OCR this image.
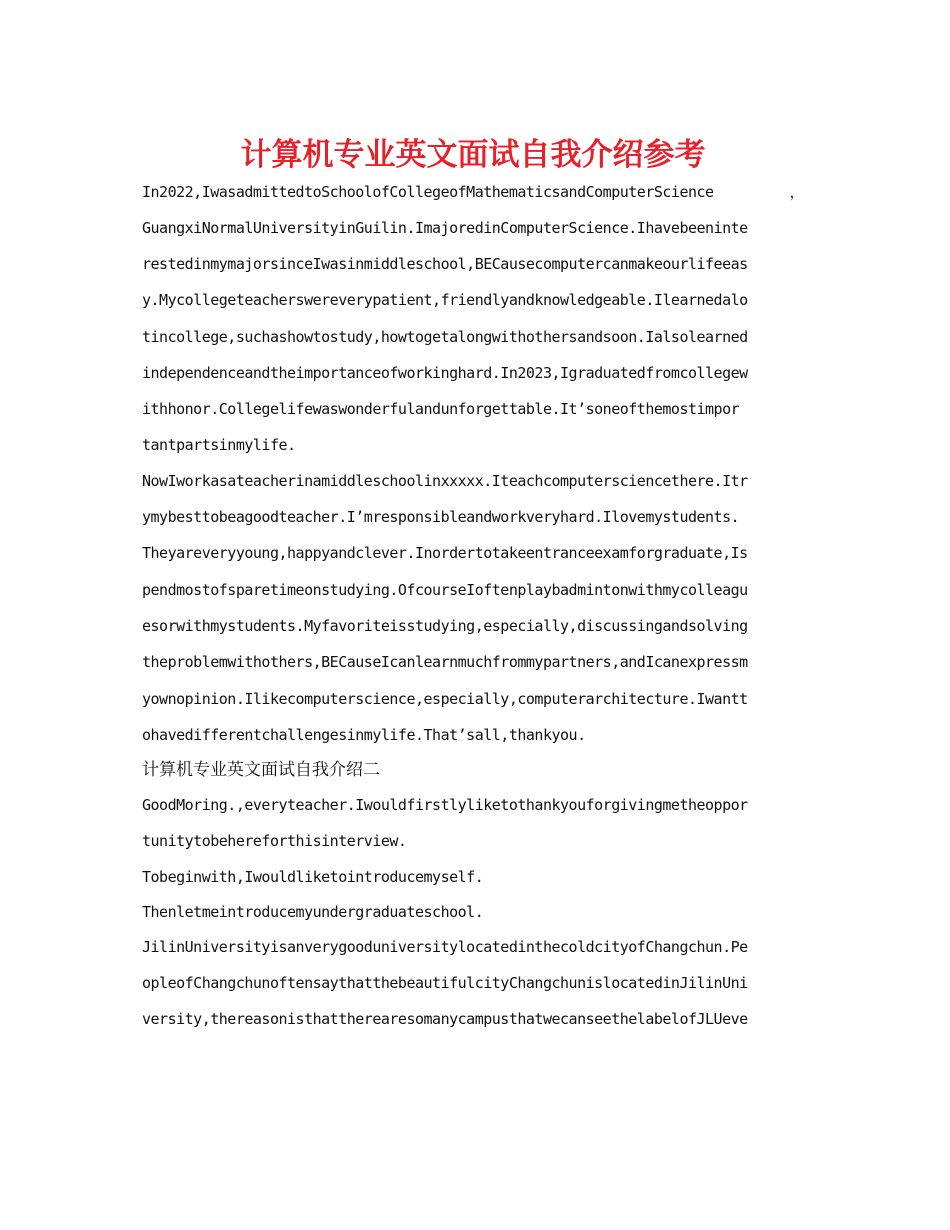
计算机专业英文面试自我介绍参考
In2022,IwasadmittedtoSchoolofCollegeofMathematicsandComputerScience，
GuangxiNormalUniversityinGuilin.ImajoredinComputerScience.Ihavebeeninte
restedinmymajorsinceIwasinmiddleschool,BECausecomputercanmakeourlifeeas
y.Mycollegeteacherswereverypatient,friendlyandknowledgeable.Ilearnedalo
tincollege,suchashowtostudy,howtogetalongwithothersandsoon.Ialsolearned
independenceandtheimportanceofworkinghard.In2023,Igraduatedfromcollegew
ithhonor.Collegelifewaswonderfulandunforgettable.It’soneofthemostimpor
tantpartsinmylife.
NowIworkasateacherinamiddleschoolinxxxxx.Iteachcomputersciencethere.Itr
ymybesttobeagoodteacher.I’mresponsibleandworkveryhard.Ilovemystudents.
Theyareveryyoung,happyandclever.Inordertotakeentranceexamforgraduate,Is
pendmostofsparetimeonstudying.OfcourseIoftenplaybadmintonwithmycolleagu
esorwithmystudents.Myfavoriteisstudying,especially,discussingandsolving
theproblemwithothers,BECauseIcanlearnmuchfrommypartners,andIcanexpressm
yownopinion.Ilikecomputerscience,especially,computerarchitecture.Iwantt
ohavedifferentchallengesinmylife.That’sall,thankyou.
计算机专业英文面试自我介绍二
GoodMoring.,everyteacher.Iwouldfirstlyliketothankyouforgivingmetheoppor
tunitytobehereforthisinterview.
Tobeginwith,Iwouldliketointroducemyself.
Thenletmeintroducemyundergraduateschool.
JilinUniversityisanverygooduniversitylocatedinthecoldcityofChangchun.Pe
opleofChangchunoftensaythatthebeautifulcityChangchunislocatedinJilinUni
versity,thereasonisthattherearesomanycampusthatwecanseethelabelofJLUeve
